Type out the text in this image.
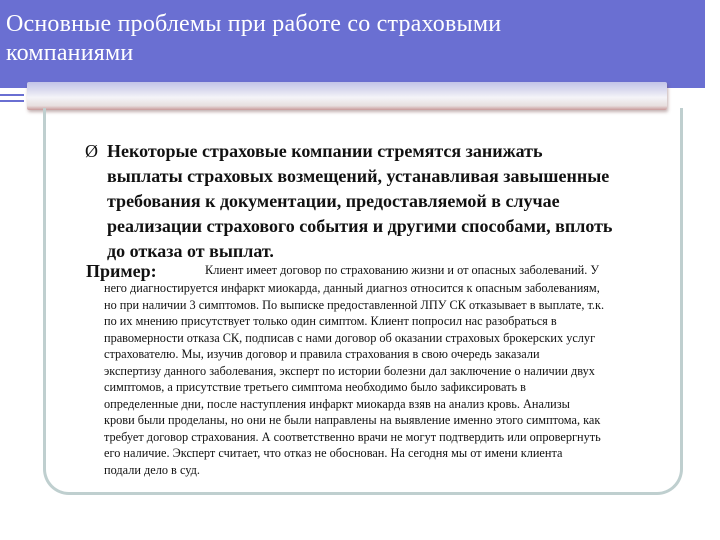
Основные проблемы при работе со страховыми
компаниями
Ø Некоторые страховые компании стремятся занижать
выплаты страховых возмещений, устанавливая завышенные
требования к документации, предоставляемой в случае
реализации страхового события и другими способами, вплоть
до отказа от выплат.
Пример:	Клиент имеет договор по страхованию жизни и от опасных заболеваний. У
него диагностируется инфаркт миокарда, данный диагноз относится к опасным заболеваниям,
но при наличии 3 симптомов. По выписке предоставленной ЛПУ СК отказывает в выплате, т.к.
по их мнению присутствует только один симптом. Клиент попросил нас разобраться в
правомерности отказа СК, подписав с нами договор об оказании страховых брокерских услуг
страхователю. Мы, изучив договор и правила страхования в свою очередь заказали
экспертизу данного заболевания, эксперт по истории болезни дал заключение о наличии двух
симптомов, а присутствие третьего симптома необходимо было зафиксировать в
определенные дни, после наступления инфаркт миокарда взяв на анализ кровь. Анализы
крови были проделаны, но они не были направлены на выявление именно этого симптома, как
требует договор страхования. А соответственно врачи не могут подтвердить или опровергнуть
его наличие. Эксперт считает, что отказ не обоснован. На сегодня мы от имени клиента
подали дело в суд.
